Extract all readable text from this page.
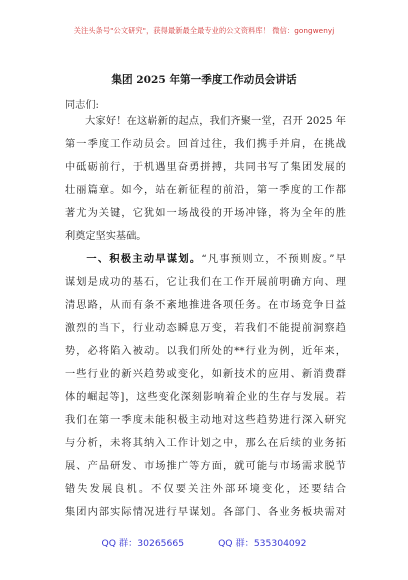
关注头条号"公文研究"，获得最新最全最专业的公文资料库！ 微信：gongwenyj
集团 2025 年第一季度工作动员会讲话
同志们:
大家好！在这崭新的起点，我们齐聚一堂，召开 2025 年
第一季度工作动员会。回首过往，我们携手并肩，在挑战
中砥砺前行，于机遇里奋勇拼搏，共同书写了集团发展的
壮丽篇章。如今，站在新征程的前沿，第一季度的工作都
著尤为关键，它犹如一场战役的开场冲锋，将为全年的胜
利奠定坚实基础。
一、积极主动早谋划。“凡事预则立，不预则废。”早
谋划是成功的基石，它让我们在工作开展前明确方向、理
清思路，从而有条不紊地推进各项任务。在市场竞争日益
激烈的当下，行业动态瞬息万变，若我们不能提前洞察趋
势，必将陷入被动。以我们所处的**行业为例，近年来，
一些行业的新兴趋势或变化，如新技术的应用、新消费群
体的崛起等]，这些变化深刻影响着企业的生存与发展。若
我们在第一季度未能积极主动地对这些趋势进行深入研究
与分析，未将其纳入工作计划之中，那么在后续的业务拓
展、产品研发、市场推广等方面，就可能与市场需求脱节
错失发展良机。不仅要关注外部环境变化，还要结合
集团内部实际情况进行早谋划。各部门、各业务板块需对
QQ 群：30265665	QQ 群：535304092
